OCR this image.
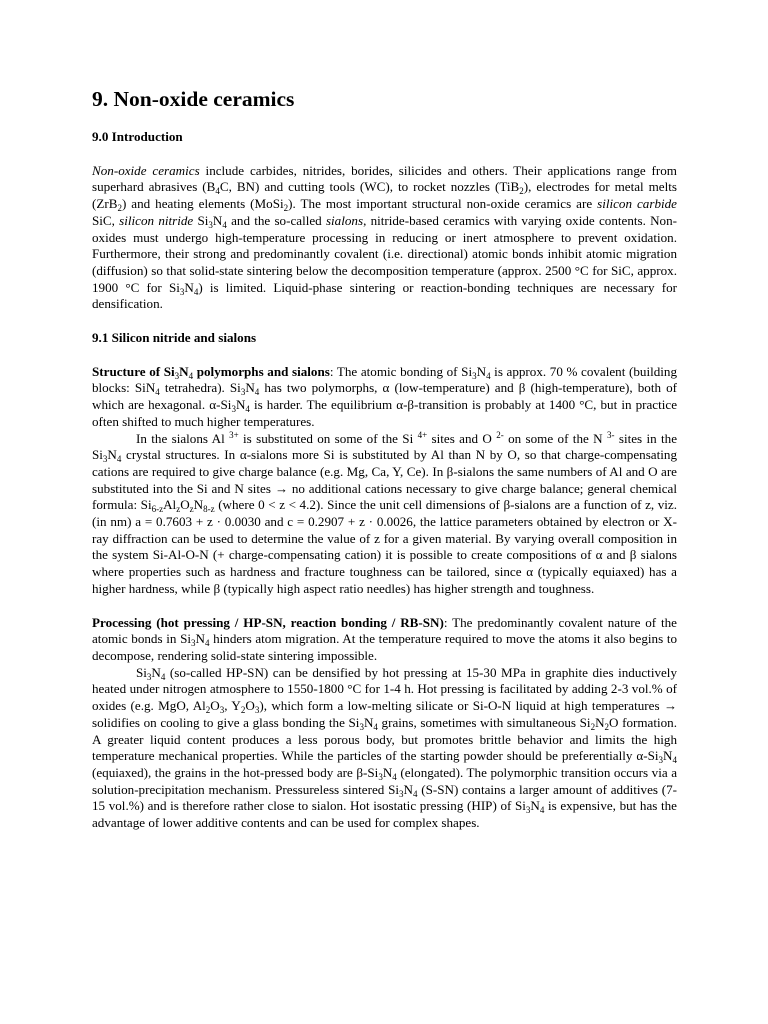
9. Non-oxide ceramics
9.0 Introduction

Non-oxide ceramics include carbides, nitrides, borides, silicides and others. Their applications range from superhard abrasives ($B_4C$, BN) and cutting tools (WC), to rocket nozzles (TiB$_2$), electrodes for metal melts (ZrB$_2$) and heating elements (MoSi$_2$). The most important structural non-oxide ceramics are silicon carbide SiC, silicon nitride $Si_3N_4$ and the so-called sialons, nitride-based ceramics with varying oxide contents. Non-oxides must undergo high-temperature processing in reducing or inert atmosphere to prevent oxidation. Furthermore, their strong and predominantly covalent (i.e. directional) atomic bonds inhibit atomic migration (diffusion) so that solid-state sintering below the decomposition temperature (approx. 2500 °C for SiC, approx. 1900 °C for $Si_3N_4$) is limited. Liquid-phase sintering or reaction-bonding techniques are necessary for densification.

9.1 Silicon nitride and sialons

Structure of $Si_3N_4$ polymorphs and sialons: The atomic bonding of $Si_3N_4$ is approx. 70 % covalent (building blocks: SiN$_4$ tetrahedra). $Si_3N_4$ has two polymorphs, α (low-temperature) and β (high-temperature), both of which are hexagonal. $\alpha-Si_3N_4$ is harder. The equilibrium α-β-transition is probably at 1400 °C, but in practice often shifted to much higher temperatures.

In the sialons Al $^{3+}$ is substituted on some of the Si $^{4+}$ sites and O $^{2-}$ on some of the N $^{3-}$ sites in the $Si_3N_4$ crystal structures. In α-sialons more Si is substituted by Al than N by O, so that charge-compensating cations are required to give charge balance (e.g. Mg, Ca, Y, Ce). In β-sialons the same numbers of Al and O are substituted into the Si and N sites → no additional cations necessary to give charge balance; general chemical formula: $Si_{6-z}Al_zO_zN_{8-z}$ (where 0 < z < 4.2). Since the unit cell dimensions of β-sialons are a function of z, viz. (in nm) a = 0.7603 + z · 0.0030 and c = 0.2907 + z · 0.0026, the lattice parameters obtained by electron or X-ray diffraction can be used to determine the value of z for a given material. By varying overall composition in the system Si-Al-O-N (+ charge-compensating cation) it is possible to create compositions of α and β sialons where properties such as hardness and fracture toughness can be tailored, since α (typically equiaxed) has a higher hardness, while β (typically high aspect ratio needles) has higher strength and toughness.

Processing (hot pressing / HP-SN, reaction bonding / RB-SN): The predominantly covalent nature of the atomic bonds in $Si_3N_4$ hinders atom migration. At the temperature required to move the atoms it also begins to decompose, rendering solid-state sintering impossible.

$Si_3N_4$ (so-called HP-SN) can be densified by hot pressing at 15-30 MPa in graphite dies inductively heated under nitrogen atmosphere to 1550-1800 °C for 1-4 h. Hot pressing is facilitated by adding 2-3 vol.% of oxides (e.g. MgO, $Al_2O_3$, $Y_2O_3$), which form a low-melting silicate or Si-O-N liquid at high temperatures → solidifies on cooling to give a glass bonding the $Si_3N_4$ grains, sometimes with simultaneous $Si_2N_2O$ formation. A greater liquid content produces a less porous body, but promotes brittle behavior and limits the high temperature mechanical properties. While the particles of the starting powder should be preferentially $\alpha-Si_3N_4$ (equiaxed), the grains in the hot-pressed body are $\beta-Si_3N_4$ (elongated). The polymorphic transition occurs via a solution-precipitation mechanism. Pressureless sintered $Si_3N_4$ (S-SN) contains a larger amount of additives (7-15 vol.%) and is therefore rather close to sialon. Hot isostatic pressing (HIP) of $Si_3N_4$ is expensive, but has the advantage of lower additive contents and can be used for complex shapes.
